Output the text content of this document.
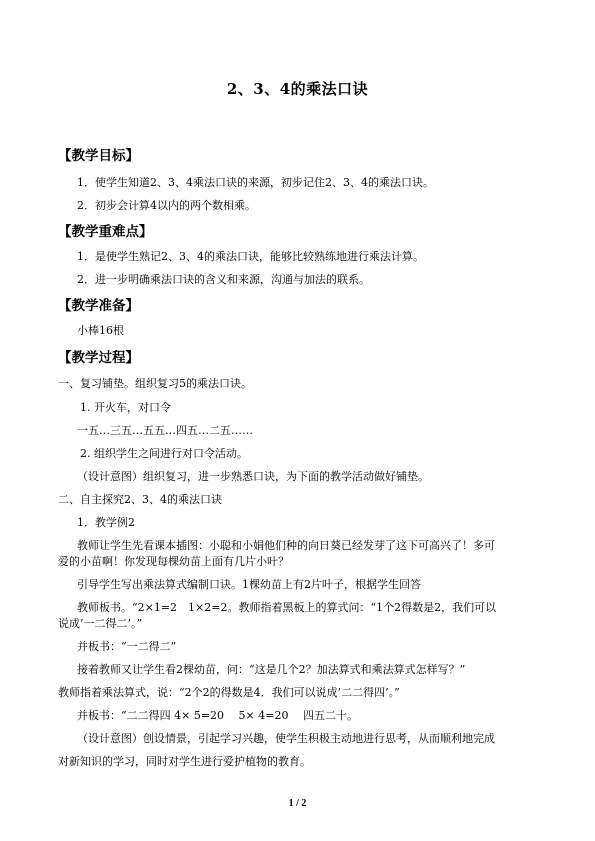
2、3、4的乘法口诀
【教学目标】
1．使学生知道2、3、4乘法口诀的来源，初步记住2、3、4的乘法口诀。
2．初步会计算4以内的两个数相乘。
【教学重难点】
1．是使学生熟记2、3、4的乘法口诀，能够比较熟练地进行乘法计算。
2．进一步明确乘法口诀的含义和来源，沟通与加法的联系。
【教学准备】
小棒16根
【教学过程】
一、复习铺垫。组织复习5的乘法口诀。
1. 开火车，对口令
一五…三五…五五…四五…二五……
2. 组织学生之间进行对口令活动。
（设计意图）组织复习，进一步熟悉口诀，为下面的教学活动做好铺垫。
二、自主探究2、3、4的乘法口诀
1．教学例2
教师让学生先看课本插图：小聪和小娟他们种的向日葵已经发芽了这下可高兴了！多可
爱的小苗啊！你发现每棵幼苗上面有几片小叶？
引导学生写出乘法算式编制口诀。1棵幼苗上有2片叶子，根据学生回答
教师板书。“2×1=2　1×2=2。教师指着黑板上的算式问：“1个2得数是2，我们可以
说成’一二得二’。”
并板书：“一二得二”
接着教师又让学生看2棵幼苗，问：“这是几个2？加法算式和乘法算式怎样写？”
教师指着乘法算式，说：“2个2的得数是4．我们可以说成’二二得四’。”
并板书：“二二得四 4× 5=20　 5× 4=20　 四五二十。
（设计意图）创设情景，引起学习兴趣，使学生积极主动地进行思考，从而顺利地完成
对新知识的学习，同时对学生进行爱护植物的教育。
1 / 2
